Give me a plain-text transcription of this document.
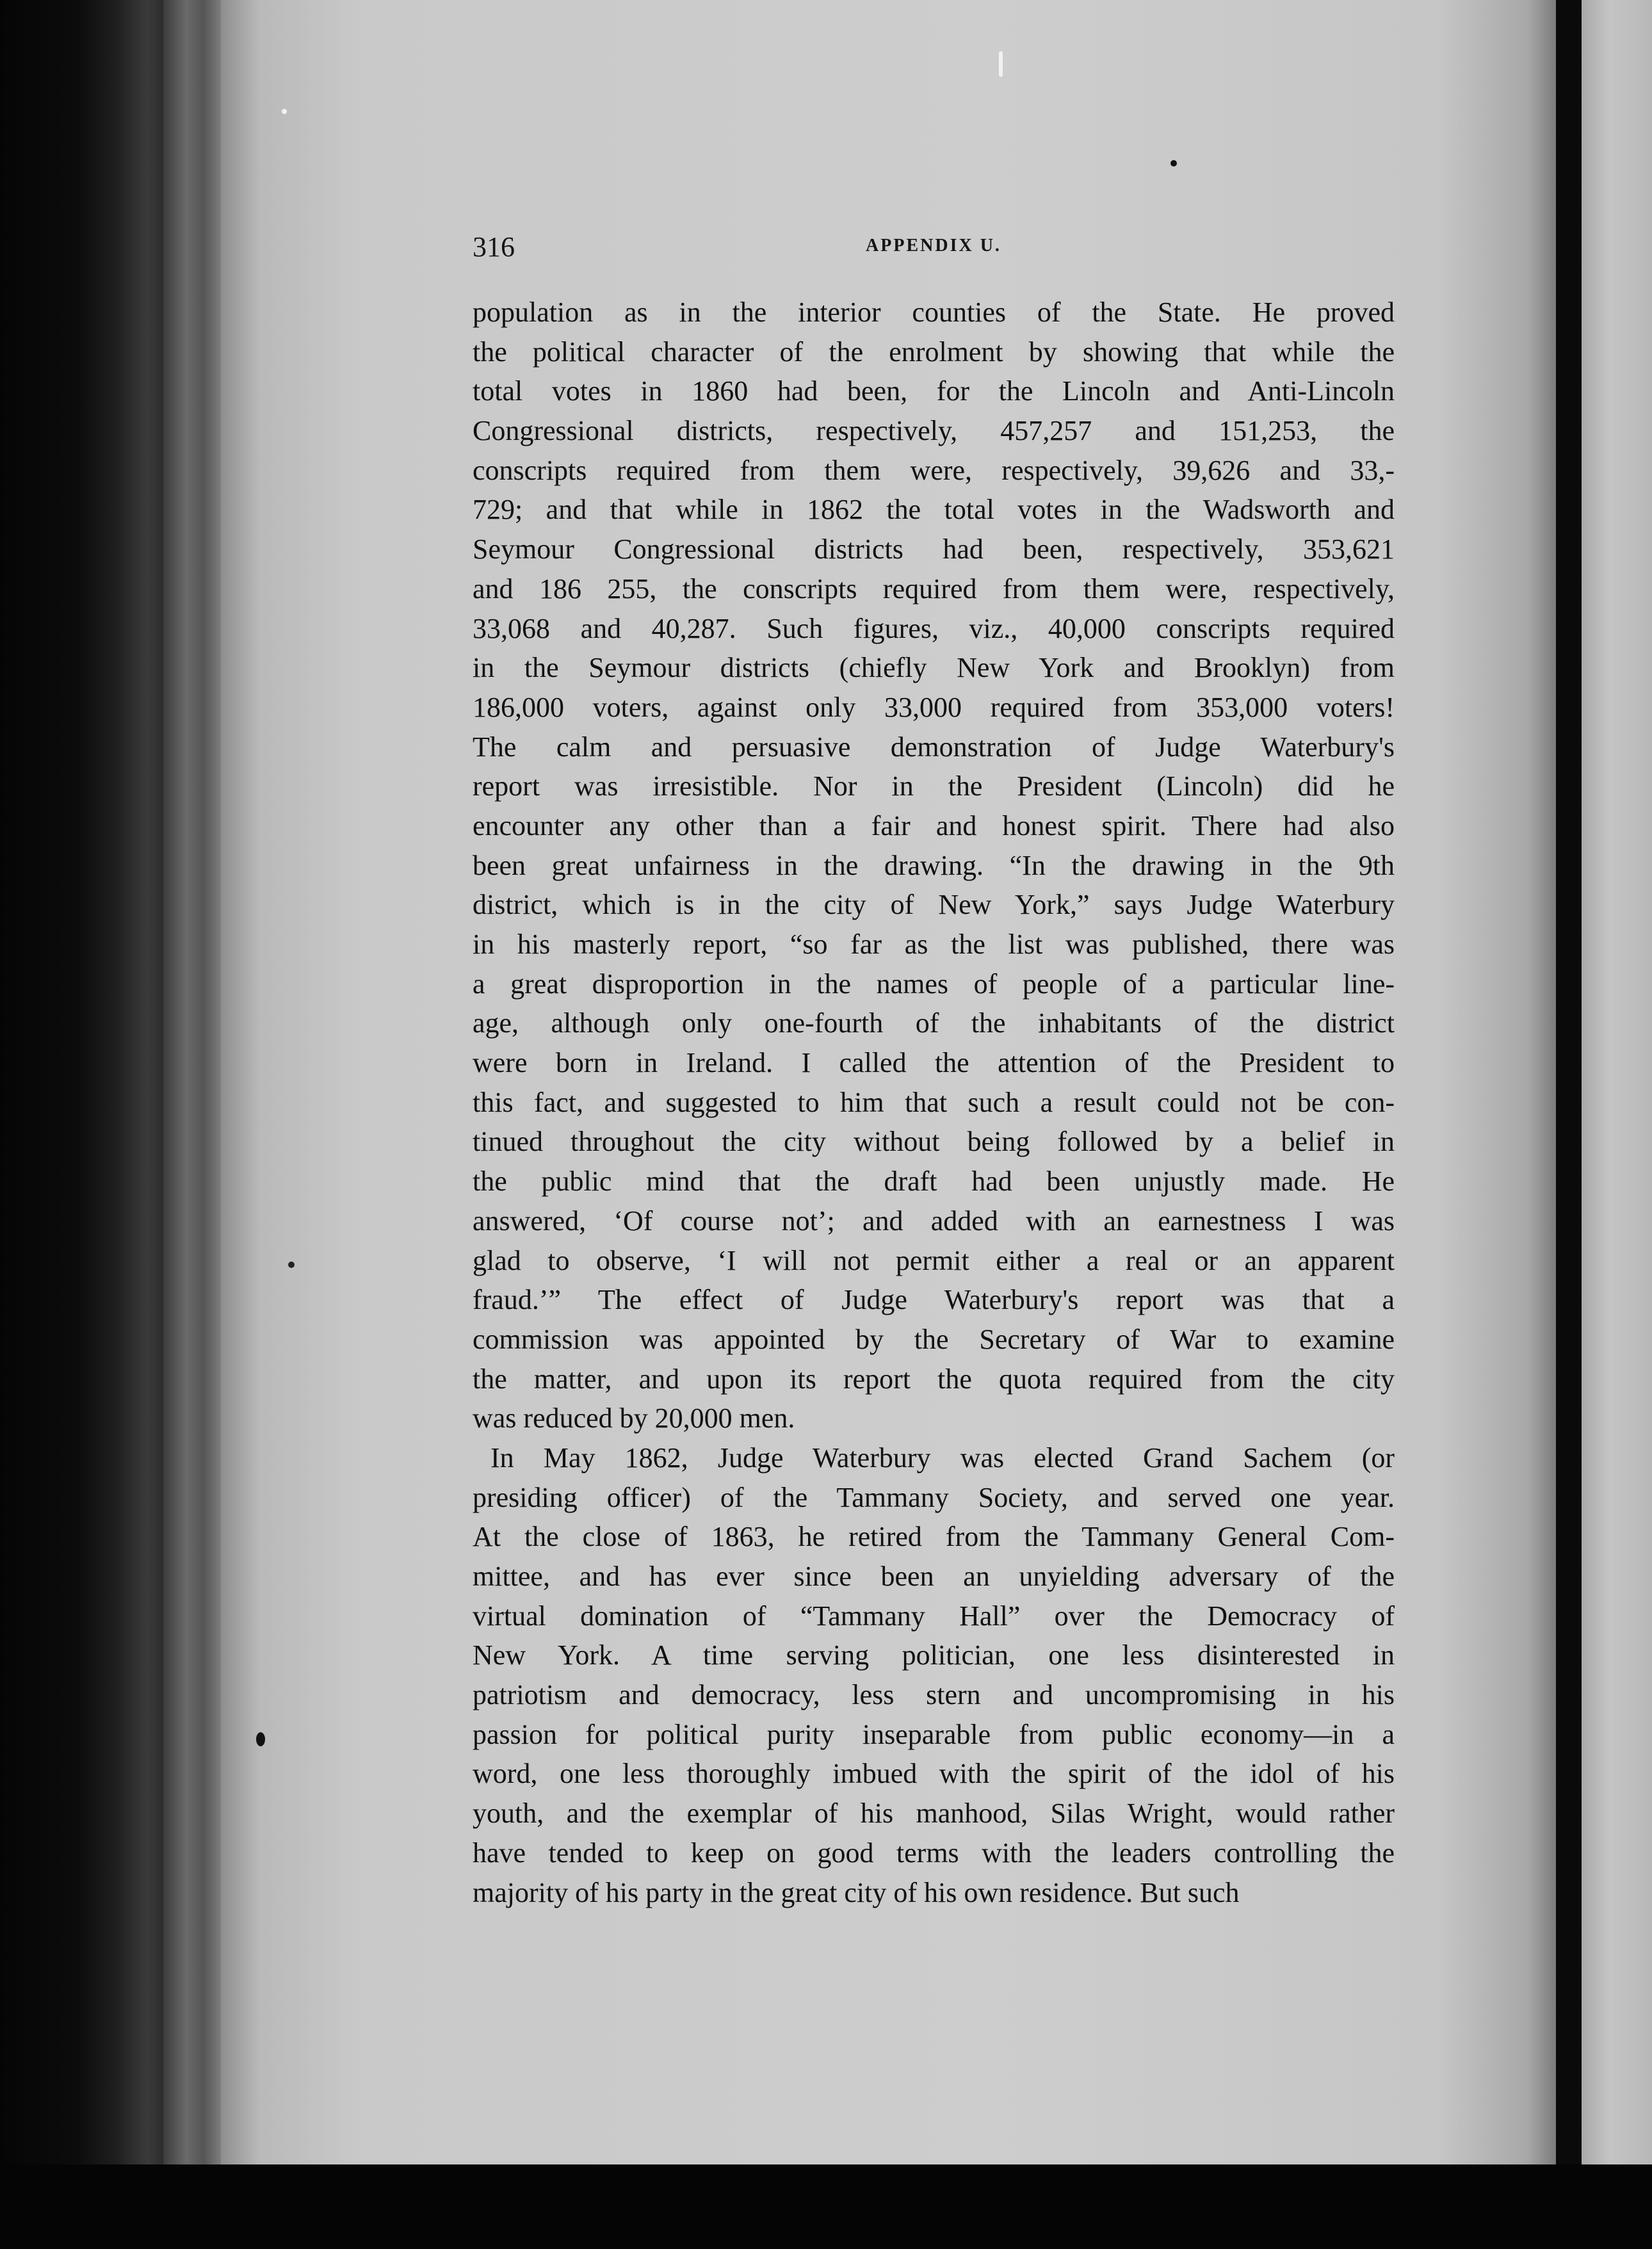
316	APPENDIX U.
population as in the interior counties of the State. He proved
the political character of the enrolment by showing that while the
total votes in 1860 had been, for the Lincoln and Anti-Lincoln
Congressional districts, respectively, 457,257 and 151,253, the
conscripts required from them were, respectively, 39,626 and 33,-
729; and that while in 1862 the total votes in the Wadsworth and
Seymour Congressional districts had been, respectively, 353,621
and 186 255, the conscripts required from them were, respectively,
33,068 and 40,287. Such figures, viz., 40,000 conscripts required
in the Seymour districts (chiefly New York and Brooklyn) from
186,000 voters, against only 33,000 required from 353,000 voters!
The calm and persuasive demonstration of Judge Waterbury's
report was irresistible. Nor in the President (Lincoln) did he
encounter any other than a fair and honest spirit. There had also
been great unfairness in the drawing. “In the drawing in the 9th
district, which is in the city of New York,” says Judge Waterbury
in his masterly report, “so far as the list was published, there was
a great disproportion in the names of people of a particular line-
age, although only one-fourth of the inhabitants of the district
were born in Ireland. I called the attention of the President to
this fact, and suggested to him that such a result could not be con-
tinued throughout the city without being followed by a belief in
the public mind that the draft had been unjustly made. He
answered, ‘Of course not’; and added with an earnestness I was
glad to observe, ‘I will not permit either a real or an apparent
fraud.’” The effect of Judge Waterbury's report was that a
commission was appointed by the Secretary of War to examine
the matter, and upon its report the quota required from the city
was reduced by 20,000 men.
In May 1862, Judge Waterbury was elected Grand Sachem (or
presiding officer) of the Tammany Society, and served one year.
At the close of 1863, he retired from the Tammany General Com-
mittee, and has ever since been an unyielding adversary of the
virtual domination of “Tammany Hall” over the Democracy of
New York. A time serving politician, one less disinterested in
patriotism and democracy, less stern and uncompromising in his
passion for political purity inseparable from public economy—in a
word, one less thoroughly imbued with the spirit of the idol of his
youth, and the exemplar of his manhood, Silas Wright, would rather
have tended to keep on good terms with the leaders controlling the
majority of his party in the great city of his own residence. But such
